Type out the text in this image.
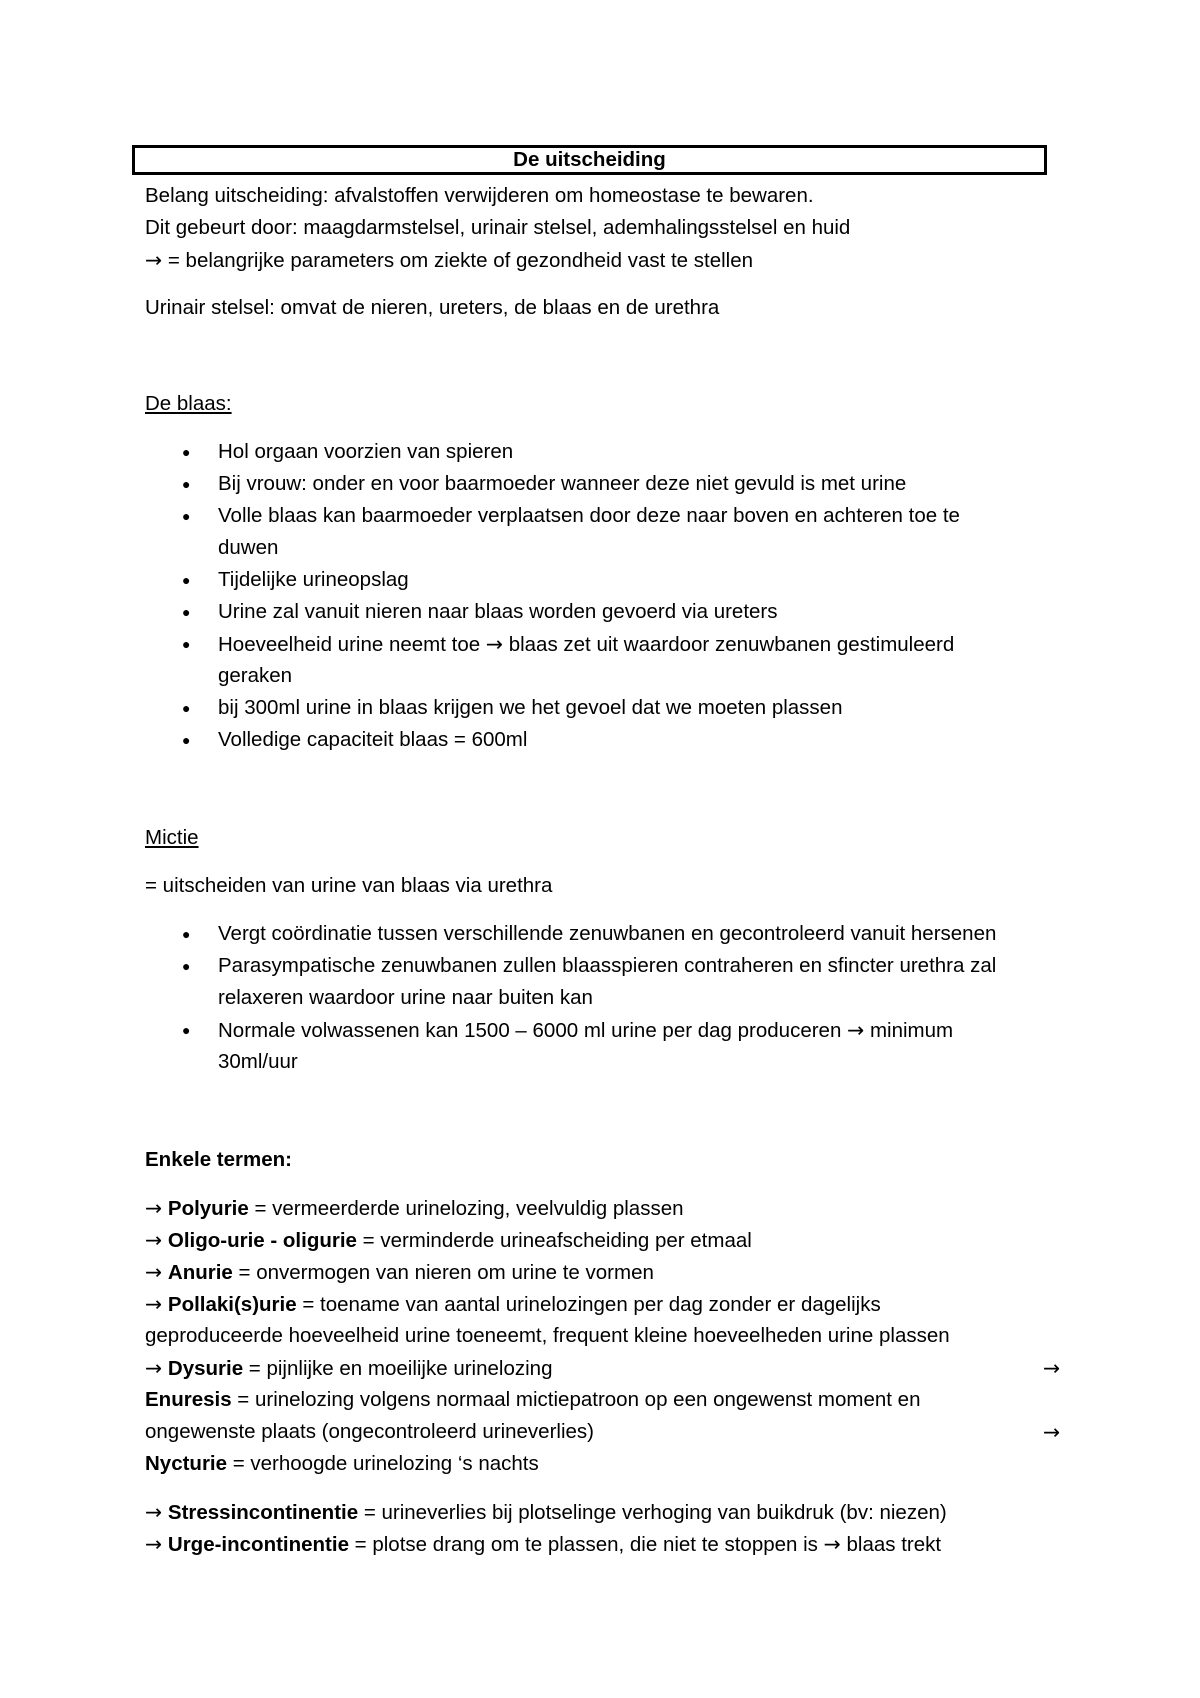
De uitscheiding
Belang uitscheiding: afvalstoffen verwijderen om homeostase te bewaren.
Dit gebeurt door: maagdarmstelsel, urinair stelsel, ademhalingsstelsel en huid
→ = belangrijke parameters om ziekte of gezondheid vast te stellen
Urinair stelsel: omvat de nieren, ureters, de blaas en de urethra
De blaas:
● Hol orgaan voorzien van spieren
● Bij vrouw: onder en voor baarmoeder wanneer deze niet gevuld is met urine
● Volle blaas kan baarmoeder verplaatsen door deze naar boven en achteren toe te
duwen
● Tijdelijke urineopslag
● Urine zal vanuit nieren naar blaas worden gevoerd via ureters
● Hoeveelheid urine neemt toe → blaas zet uit waardoor zenuwbanen gestimuleerd
geraken
● bij 300ml urine in blaas krijgen we het gevoel dat we moeten plassen
● Volledige capaciteit blaas = 600ml
Mictie
= uitscheiden van urine van blaas via urethra
● Vergt coördinatie tussen verschillende zenuwbanen en gecontroleerd vanuit hersenen
● Parasympatische zenuwbanen zullen blaasspieren contraheren en sfincter urethra zal
relaxeren waardoor urine naar buiten kan
● Normale volwassenen kan 1500 – 6000 ml urine per dag produceren → minimum
30ml/uur
Enkele termen:
→ Polyurie = vermeerderde urinelozing, veelvuldig plassen
→ Oligo-urie - oligurie = verminderde urineafscheiding per etmaal
→ Anurie = onvermogen van nieren om urine te vormen
→ Pollaki(s)urie = toename van aantal urinelozingen per dag zonder er dagelijks
geproduceerde hoeveelheid urine toeneemt, frequent kleine hoeveelheden urine plassen
→ Dysurie = pijnlijke en moeilijke urinelozing	→
Enuresis = urinelozing volgens normaal mictiepatroon op een ongewenst moment en
ongewenste plaats (ongecontroleerd urineverlies)	→
Nycturie = verhoogde urinelozing ‘s nachts
→ Stressincontinentie = urineverlies bij plotselinge verhoging van buikdruk (bv: niezen)
→ Urge-incontinentie = plotse drang om te plassen, die niet te stoppen is → blaas trekt
